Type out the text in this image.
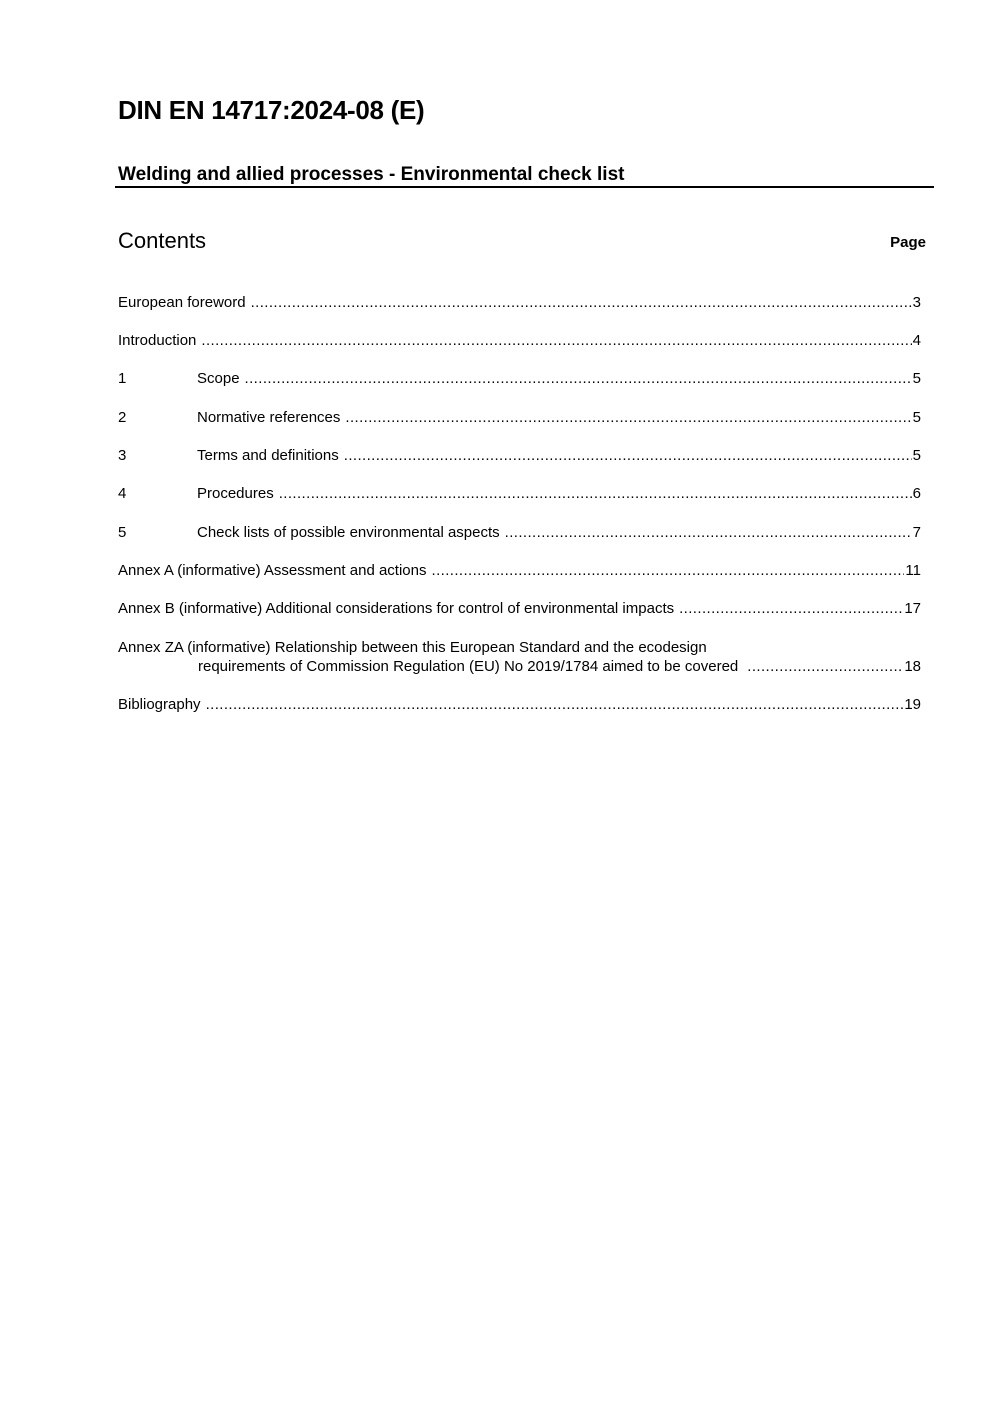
DIN EN 14717:2024-08 (E)
Welding and allied processes - Environmental check list
Contents	Page
European foreword .....	3
Introduction .....	4
1	Scope .....	5
2	Normative references .....	5
3	Terms and definitions .....	5
4	Procedures .....	6
5	Check lists of possible environmental aspects .....	7
Annex A (informative) Assessment and actions .....	11
Annex B (informative) Additional considerations for control of environmental impacts .....	17
Annex ZA (informative) Relationship between this European Standard and the ecodesign
requirements of Commission Regulation (EU) No 2019/1784 aimed to be covered .....	18
Bibliography .....	19
